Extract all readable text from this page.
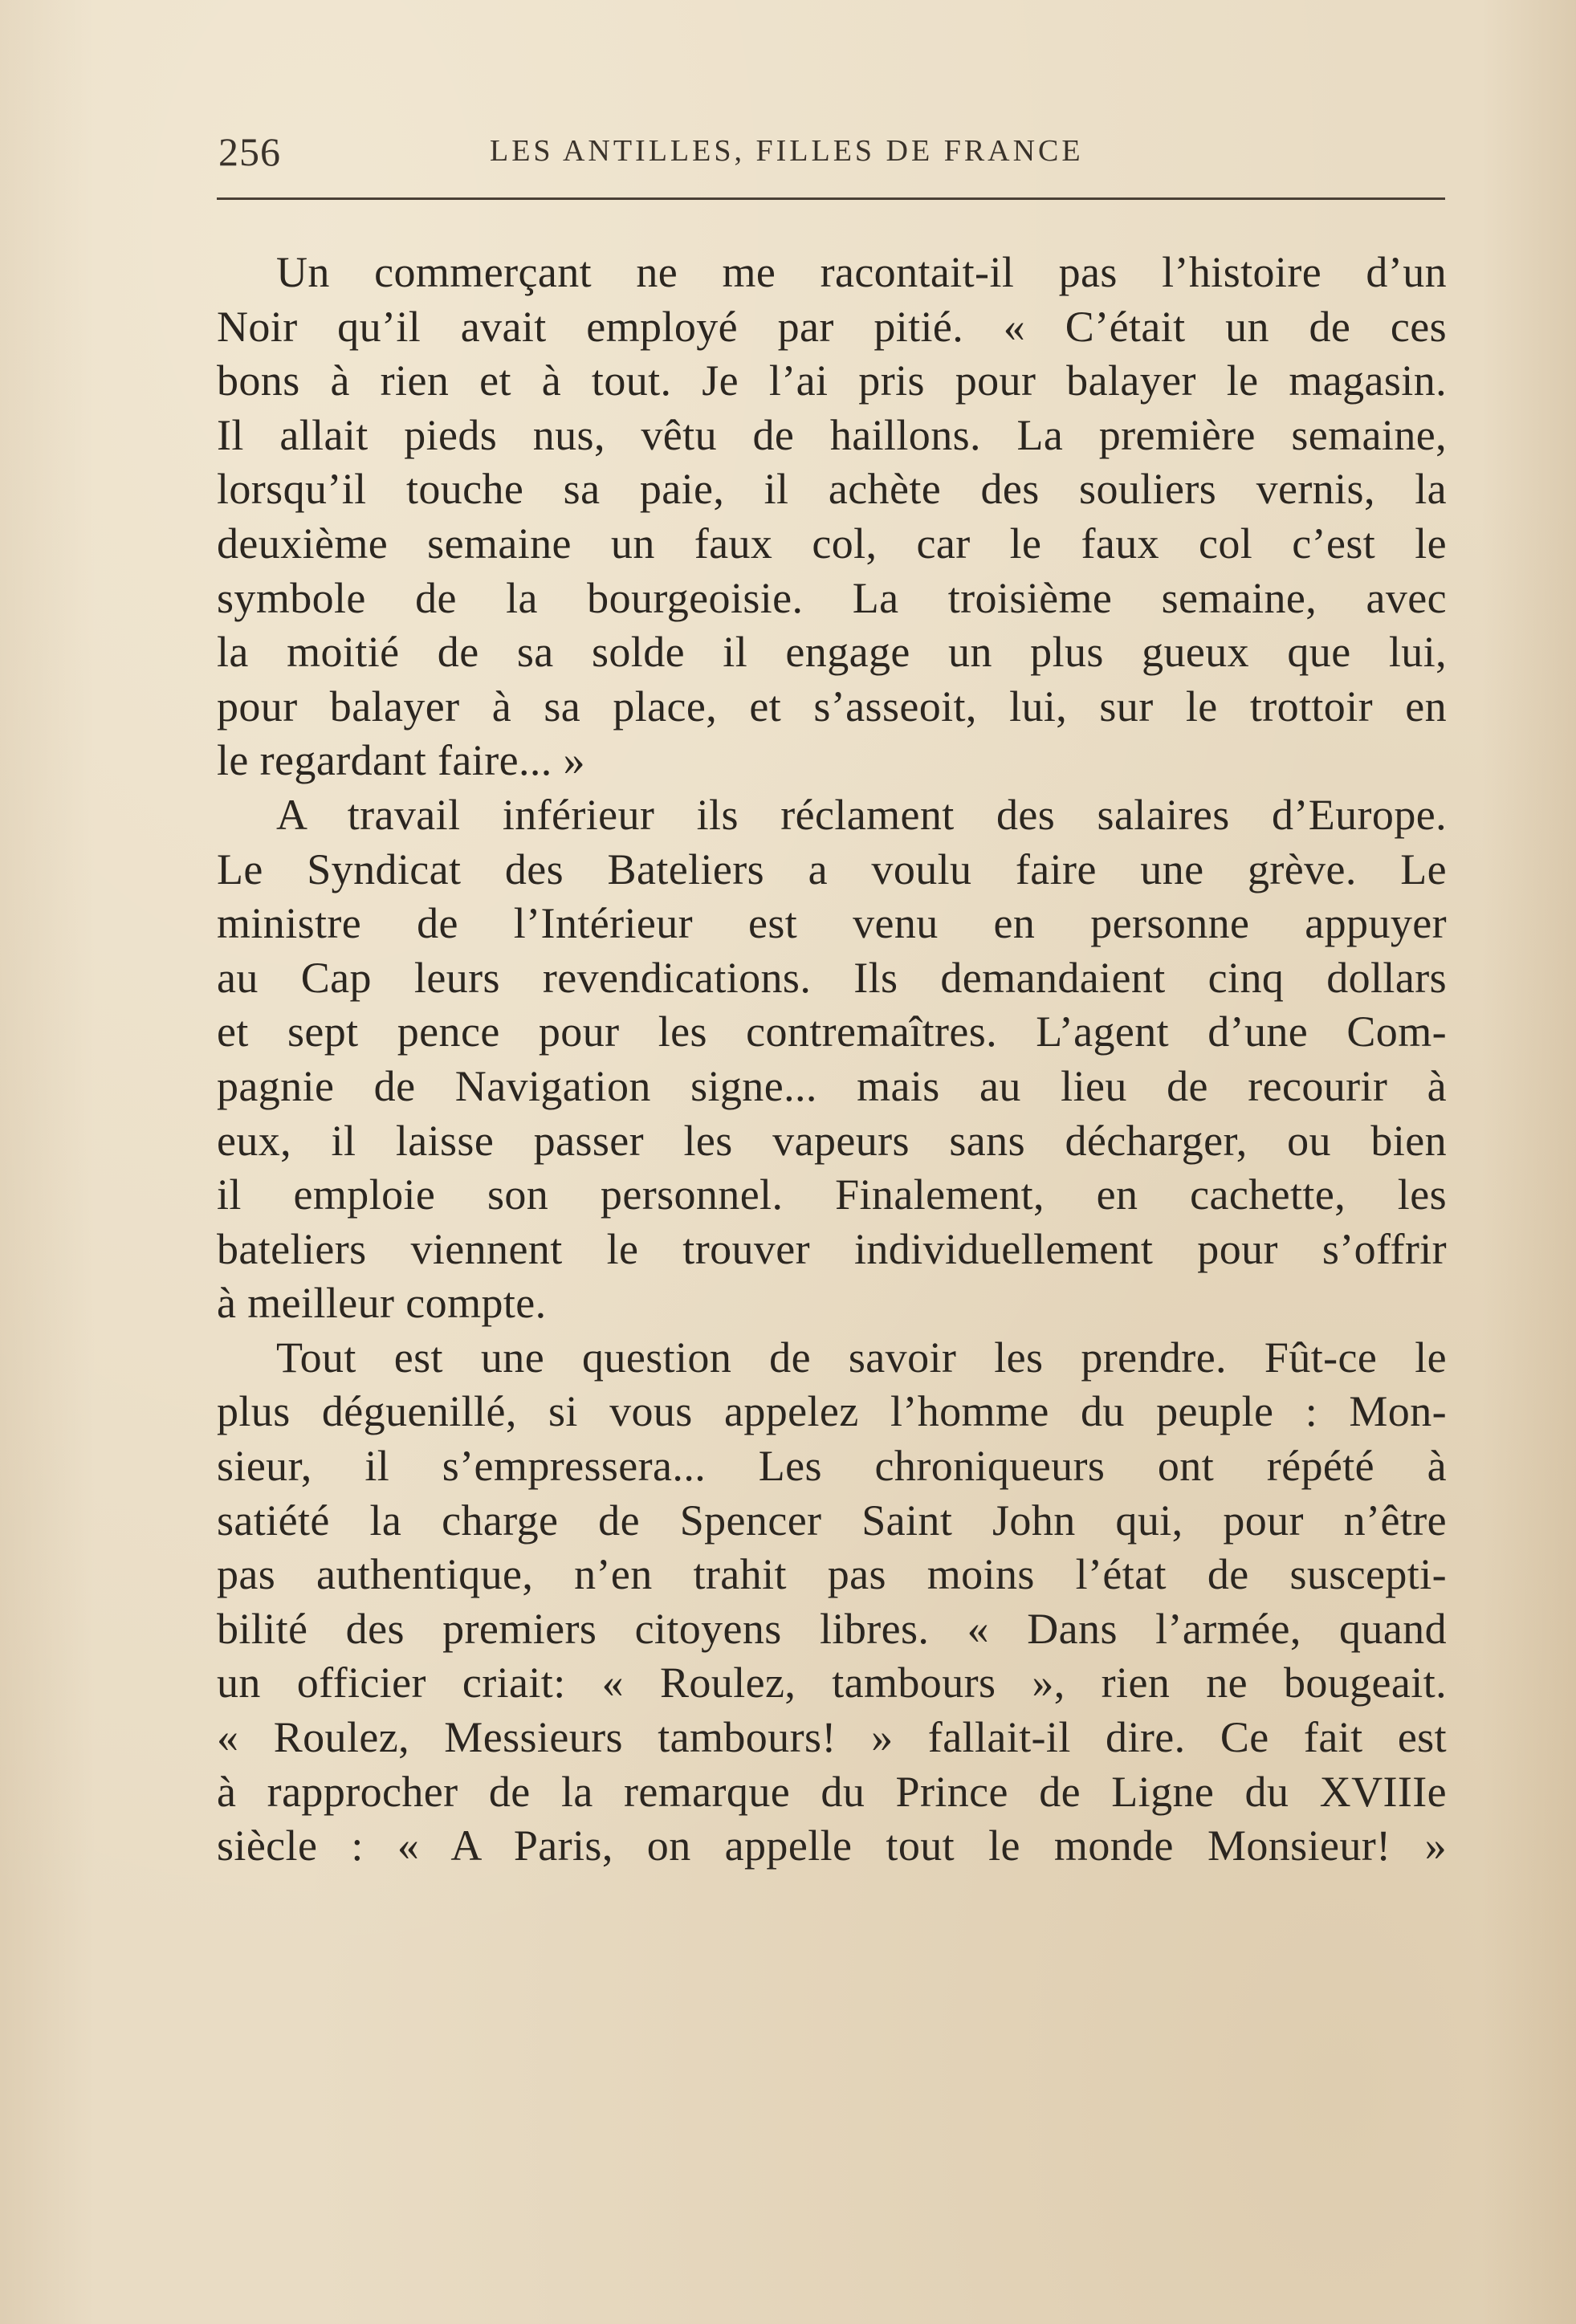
256	LES ANTILLES, FILLES DE FRANCE
Un commerçant ne me racontait-il pas l’histoire d’un
Noir qu’il avait employé par pitié. « C’était un de ces
bons à rien et à tout. Je l’ai pris pour balayer le magasin.
Il allait pieds nus, vêtu de haillons. La première semaine,
lorsqu’il touche sa paie, il achète des souliers vernis, la
deuxième semaine un faux col, car le faux col c’est le
symbole de la bourgeoisie. La troisième semaine, avec
la moitié de sa solde il engage un plus gueux que lui,
pour balayer à sa place, et s’asseoit, lui, sur le trottoir en
le regardant faire... »
A travail inférieur ils réclament des salaires d’Europe.
Le Syndicat des Bateliers a voulu faire une grève. Le
ministre de l’Intérieur est venu en personne appuyer
au Cap leurs revendications. Ils demandaient cinq dollars
et sept pence pour les contremaîtres. L’agent d’une Com-
pagnie de Navigation signe... mais au lieu de recourir à
eux, il laisse passer les vapeurs sans décharger, ou bien
il emploie son personnel. Finalement, en cachette, les
bateliers viennent le trouver individuellement pour s’offrir
à meilleur compte.
Tout est une question de savoir les prendre. Fût-ce le
plus déguenillé, si vous appelez l’homme du peuple : Mon-
sieur, il s’empressera... Les chroniqueurs ont répété à
satiété la charge de Spencer Saint John qui, pour n’être
pas authentique, n’en trahit pas moins l’état de suscepti-
bilité des premiers citoyens libres. « Dans l’armée, quand
un officier criait: « Roulez, tambours », rien ne bougeait.
« Roulez, Messieurs tambours! » fallait-il dire. Ce fait est
à rapprocher de la remarque du Prince de Ligne du XVIIIe
siècle : « A Paris, on appelle tout le monde Monsieur! »
